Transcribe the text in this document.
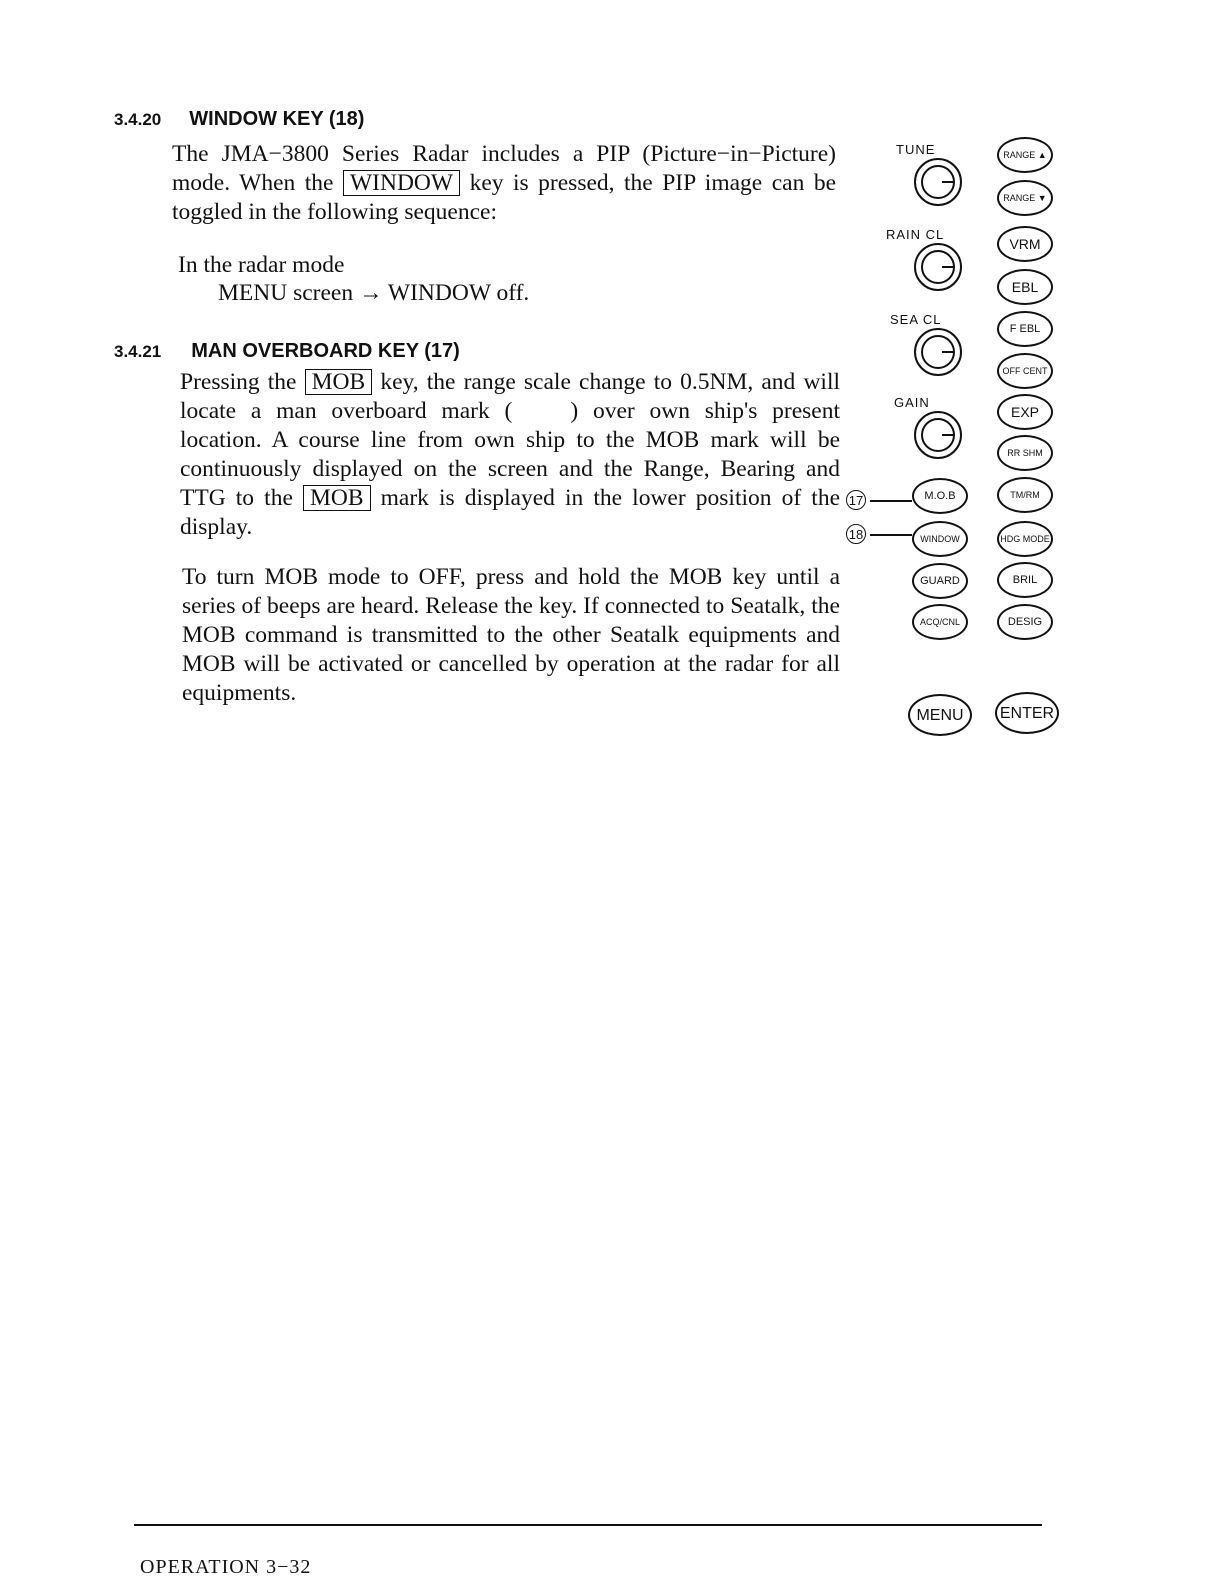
3.4.20 WINDOW KEY (18)
The JMA−3800 Series Radar includes a PIP (Picture−in−Picture) mode. When the WINDOW key is pressed, the PIP image can be toggled in the following sequence:
In the radar mode
MENU screen → WINDOW off.
3.4.21 MAN OVERBOARD KEY (17)
Pressing the MOB key, the range scale change to 0.5NM, and will locate a man overboard mark ( ) over own ship's present location. A course line from own ship to the MOB mark will be continuously displayed on the screen and the Range, Bearing and TTG to the MOB mark is displayed in the lower position of the display.
To turn MOB mode to OFF, press and hold the MOB key until a series of beeps are heard. Release the key. If connected to Seatalk, the MOB command is transmitted to the other Seatalk equipments and MOB will be activated or cancelled by operation at the radar for all equipments.
TUNE
RAIN CL
SEA CL
GAIN
M.O.B
WINDOW
GUARD
ACQ/CNL
17
18
RANGE ▲
RANGE ▼
VRM
EBL
F EBL
OFF CENT
EXP
RR SHM
TM/RM
HDG MODE
BRIL
DESIG
MENU	ENTER
OPERATION 3−32
